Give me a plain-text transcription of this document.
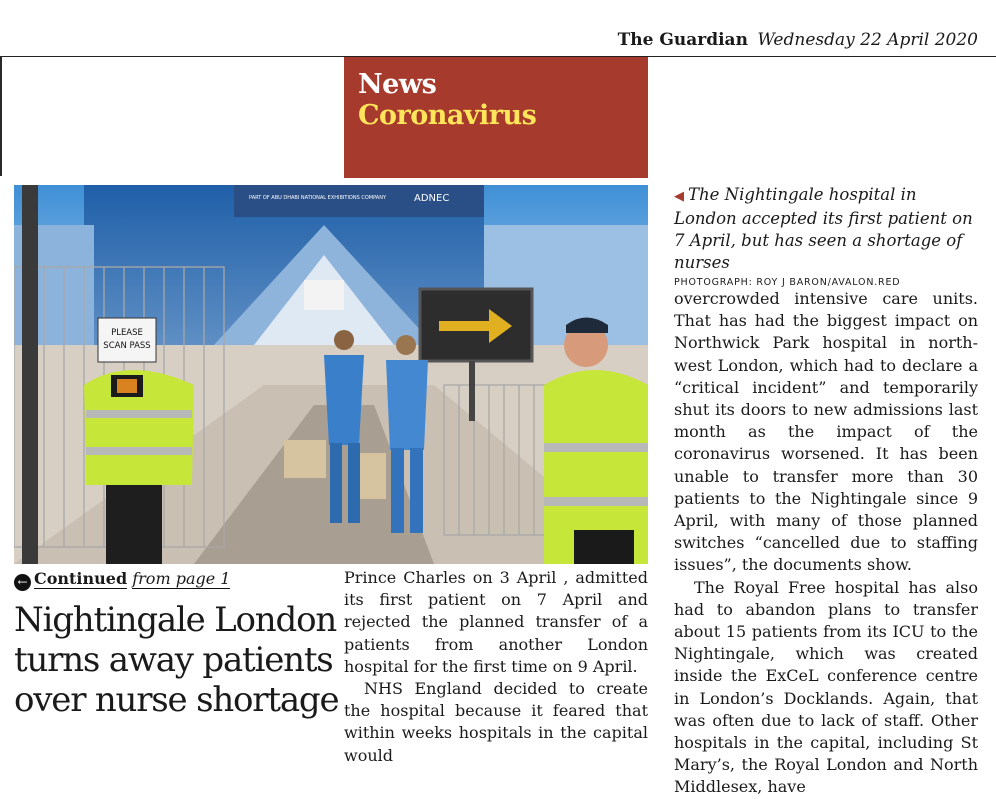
The Guardian Wednesday 22 April 2020
News
Coronavirus
PART OF ABU DHABI NATIONAL EXHIBITIONS COMPANY	ADNEC
PLEASE
SCAN PASS

◀ The Nightingale hospital in London accepted its first patient on 7 April, but has seen a shortage of nurses

PHOTOGRAPH: ROY J BARON/AVALON.RED
← Continued from page 1
Nightingale London turns away patients over nurse shortage

Prince Charles on 3 April , admitted its first patient on 7 April and rejected the planned transfer of a patients from another London hospital for the first time on 9 April.

NHS England decided to create the hospital because it feared that within weeks hospitals in the capital would

overcrowded intensive care units. That has had the biggest impact on Northwick Park hospital in north-west London, which had to declare a “critical incident” and temporarily shut its doors to new admissions last month as the impact of the coronavirus worsened. It has been unable to transfer more than 30 patients to the Nightingale since 9 April, with many of those planned switches “cancelled due to staffing issues”, the documents show.

The Royal Free hospital has also had to abandon plans to transfer about 15 patients from its ICU to the Nightingale, which was created inside the ExCeL conference centre in London’s Docklands. Again, that was often due to lack of staff. Other hospitals in the capital, including St Mary’s, the Royal London and North Middlesex, have
